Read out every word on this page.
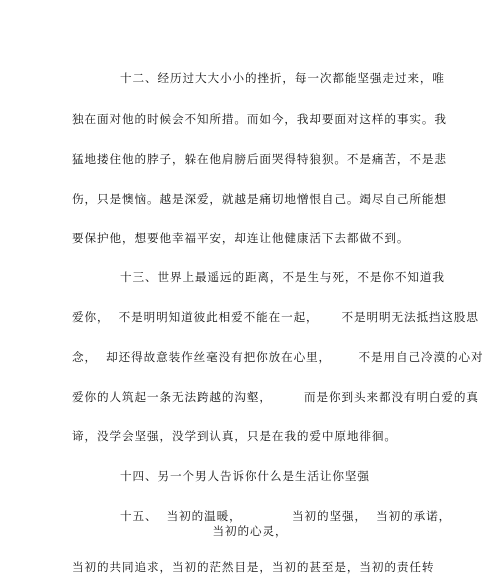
十二、经历过大大小小的挫折，每一次都能坚强走过来，唯
独在面对他的时候会不知所措。而如今，我却要面对这样的事实。我
猛地搂住他的脖子，躲在他肩膀后面哭得特狼狈。不是痛苦，不是悲
伤，只是懊恼。越是深爱，就越是痛切地憎恨自己。竭尽自己所能想
要保护他，想要他幸福平安，却连让他健康活下去都做不到。
十三、世界上最遥远的距离，不是生与死，不是你不知道我
爱你，  不是明明知道彼此相爱不能在一起，     不是明明无法抵挡这股思
念，  却还得故意装作丝毫没有把你放在心里，      不是用自己冷漠的心对
爱你的人筑起一条无法跨越的沟壑，       而是你到头来都没有明白爱的真
谛，没学会坚强，没学到认真，只是在我的爱中原地徘徊。
十四、另一个男人告诉你什么是生活让你坚强
十五、  当初的温暖，           当初的坚强，  当初的承诺，
当初的心灵，
当初的共同追求，当初的茫然目是，当初的甚至是，当初的责任转
